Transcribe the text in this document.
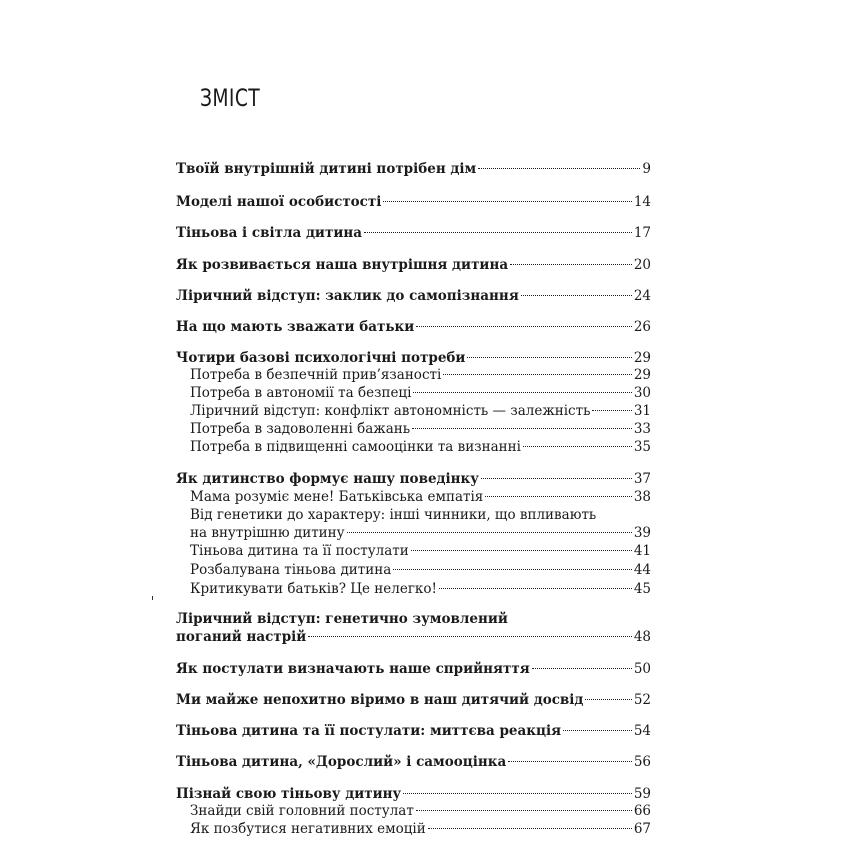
ЗМІСТ
Твоїй внутрішній дитині потрібен дім	9
Моделі нашої особистості	14
Тіньова і світла дитина	17
Як розвивається наша внутрішня дитина	20
Ліричний відступ: заклик до самопізнання	24
На що мають зважати батьки	26
Чотири базові психологічні потреби	29
Потреба в безпечній прив’язаності	29
Потреба в автономії та безпеці	30
Ліричний відступ: конфлікт автономність — залежність	31
Потреба в задоволенні бажань	33
Потреба в підвищенні самооцінки та визнанні	35
Як дитинство формує нашу поведінку	37
Мама розуміє мене! Батьківська емпатія	38
Від генетики до характеру: інші чинники, що впливають
на внутрішню дитину	39
Тіньова дитина та її постулати	41
Розбалувана тіньова дитина	44
Критикувати батьків? Це нелегко!	45
Ліричний відступ: генетично зумовлений
поганий настрій	48
Як постулати визначають наше сприйняття	50
Ми майже непохитно віримо в наш дитячий досвід	52
Тіньова дитина та її постулати: миттєва реакція	54
Тіньова дитина, «Дорослий» і самооцінка	56
Пізнай свою тіньову дитину	59
Знайди свій головний постулат	66
Як позбутися негативних емоцій	67
